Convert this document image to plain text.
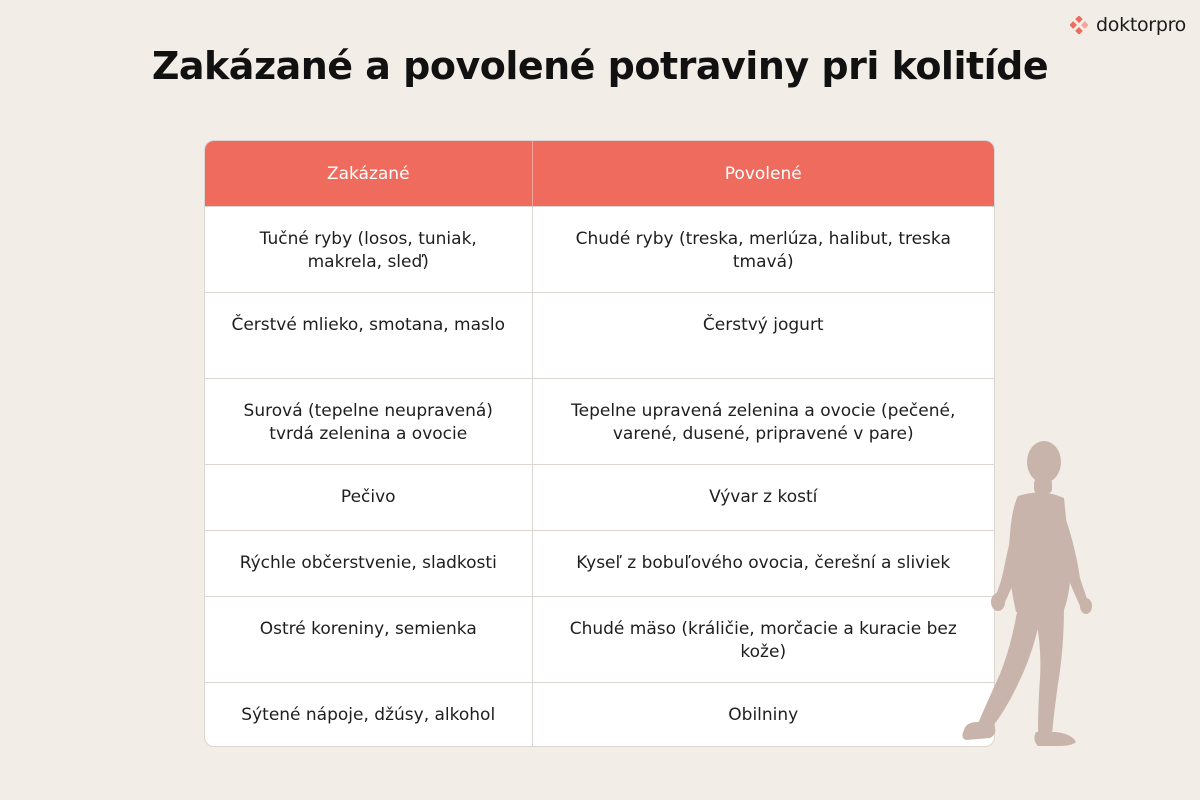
doktorpro
Zakázané a povolené potraviny pri kolitíde
Zakázané	Povolené
Tučné ryby (losos, tuniak, makrela, sleď)	Chudé ryby (treska, merlúza, halibut, treska tmavá)
Čerstvé mlieko, smotana, maslo	Čerstvý jogurt
Surová (tepelne neupravená) tvrdá zelenina a ovocie	Tepelne upravená zelenina a ovocie (pečené, varené, dusené, pripravené v pare)
Pečivo	Vývar z kostí
Rýchle občerstvenie, sladkosti	Kyseľ z bobuľového ovocia, čerešní a sliviek
Ostré koreniny, semienka	Chudé mäso (králičie, morčacie a kuracie bez kože)
Sýtené nápoje, džúsy, alkohol	Obilniny
